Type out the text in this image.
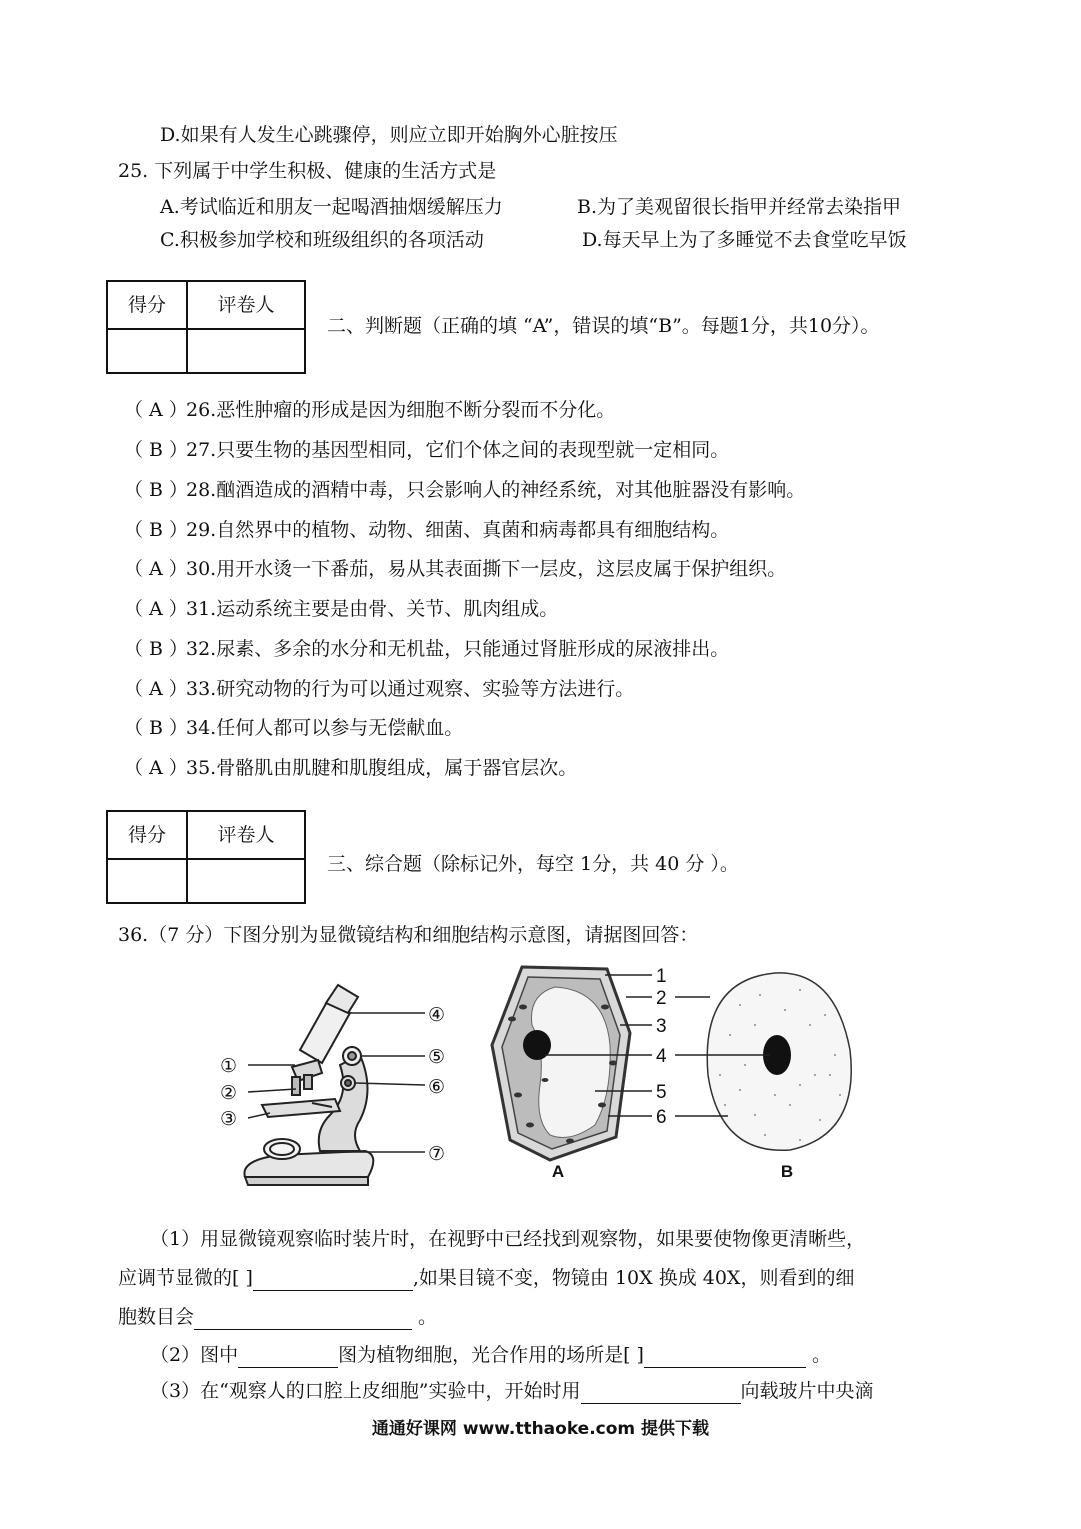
D.如果有人发生心跳骤停，则应立即开始胸外心脏按压
25. 下列属于中学生积极、健康的生活方式是
A.考试临近和朋友一起喝酒抽烟缓解压力	B.为了美观留很长指甲并经常去染指甲
C.积极参加学校和班级组织的各项活动	D.每天早上为了多睡觉不去食堂吃早饭
得分	评卷人
二、判断题（正确的填 “A”，错误的填“B”。每题1分，共10分）。
（ A ）26.恶性肿瘤的形成是因为细胞不断分裂而不分化。
（ B ）27.只要生物的基因型相同，它们个体之间的表现型就一定相同。
（ B ）28.酗酒造成的酒精中毒，只会影响人的神经系统，对其他脏器没有影响。
（ B ）29.自然界中的植物、动物、细菌、真菌和病毒都具有细胞结构。
（ A ）30.用开水烫一下番茄，易从其表面撕下一层皮，这层皮属于保护组织。
（ A ）31.运动系统主要是由骨、关节、肌肉组成。
（ B ）32.尿素、多余的水分和无机盐，只能通过肾脏形成的尿液排出。
（ A ）33.研究动物的行为可以通过观察、实验等方法进行。
（ B ）34.任何人都可以参与无偿献血。
（ A ）35.骨骼肌由肌腱和肌腹组成，属于器官层次。
得分	评卷人
三、综合题（除标记外，每空 1分，共 40 分 ）。
36.（7 分）下图分别为显微镜结构和细胞结构示意图，请据图回答：
①
②
③
④
⑤
⑥
⑦
1
2
3
4
5
6
A	B
（1）用显微镜观察临时装片时，在视野中已经找到观察物，如果要使物像更清晰些，
应调节显微的[ ]	,如果目镜不变，物镜由 10X 换成 40X，则看到的细
胞数目会	。
（2）图中	图为植物细胞，光合作用的场所是[ ]	。
（3）在“观察人的口腔上皮细胞”实验中，开始时用	向载玻片中央滴
通通好课网 www.tthaoke.com 提供下载
